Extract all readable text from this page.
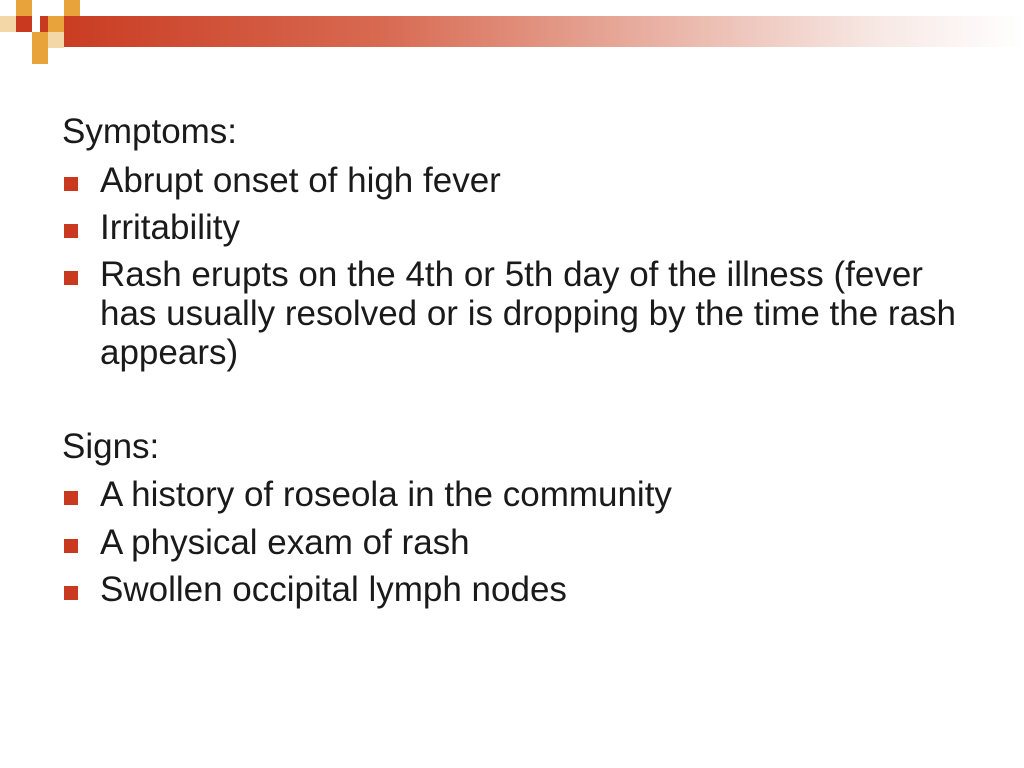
Symptoms:
Abrupt onset of high fever
Irritability
Rash erupts on the 4th or 5th day of the illness (fever has usually resolved or is dropping by the time the rash appears)
Signs:
A history of roseola in the community
A physical exam of rash
Swollen occipital lymph nodes
